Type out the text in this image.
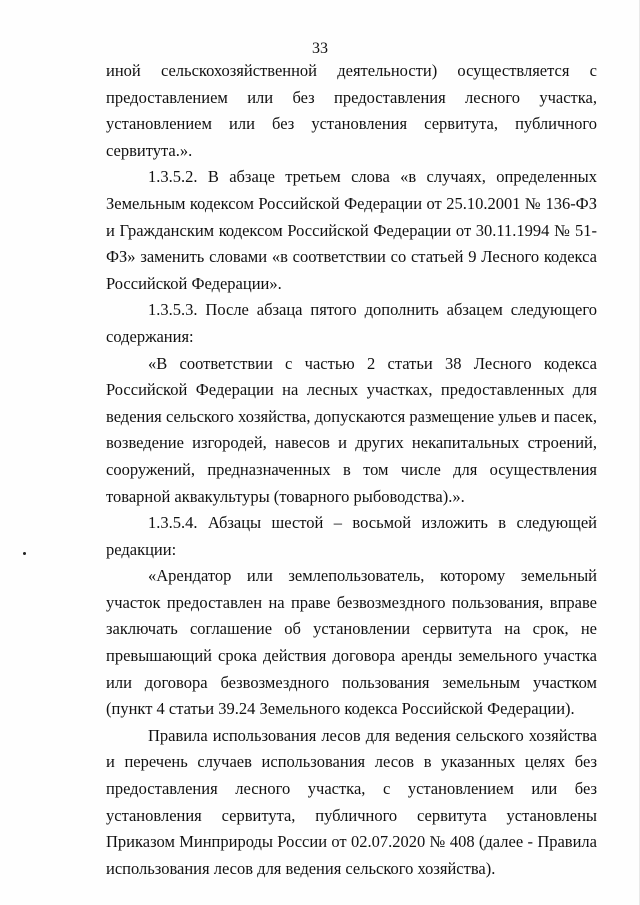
33

иной сельскохозяйственной деятельности) осуществляется с предоставлением или без предоставления лесного участка, установлением или без установления сервитута, публичного сервитута.».

1.3.5.2. В абзаце третьем слова «в случаях, определенных Земельным кодексом Российской Федерации от 25.10.2001 № 136-ФЗ и Гражданским кодексом Российской Федерации от 30.11.1994 № 51-ФЗ» заменить словами «в соответствии со статьей 9 Лесного кодекса Российской Федерации».

1.3.5.3. После абзаца пятого дополнить абзацем следующего содержания:

«В соответствии с частью 2 статьи 38 Лесного кодекса Российской Федерации на лесных участках, предоставленных для ведения сельского хозяйства, допускаются размещение ульев и пасек, возведение изгородей, навесов и других некапитальных строений, сооружений, предназначенных в том числе для осуществления товарной аквакультуры (товарного рыбоводства).».

1.3.5.4. Абзацы шестой – восьмой изложить в следующей редакции:

«Арендатор или землепользователь, которому земельный участок предоставлен на праве безвозмездного пользования, вправе заключать соглашение об установлении сервитута на срок, не превышающий срока действия договора аренды земельного участка или договора безвозмездного пользования земельным участком (пункт 4 статьи 39.24 Земельного кодекса Российской Федерации).

Правила использования лесов для ведения сельского хозяйства и перечень случаев использования лесов в указанных целях без предоставления лесного участка, с установлением или без установления сервитута, публичного сервитута установлены Приказом Минприроды России от 02.07.2020 № 408 (далее - Правила использования лесов для ведения сельского хозяйства).
